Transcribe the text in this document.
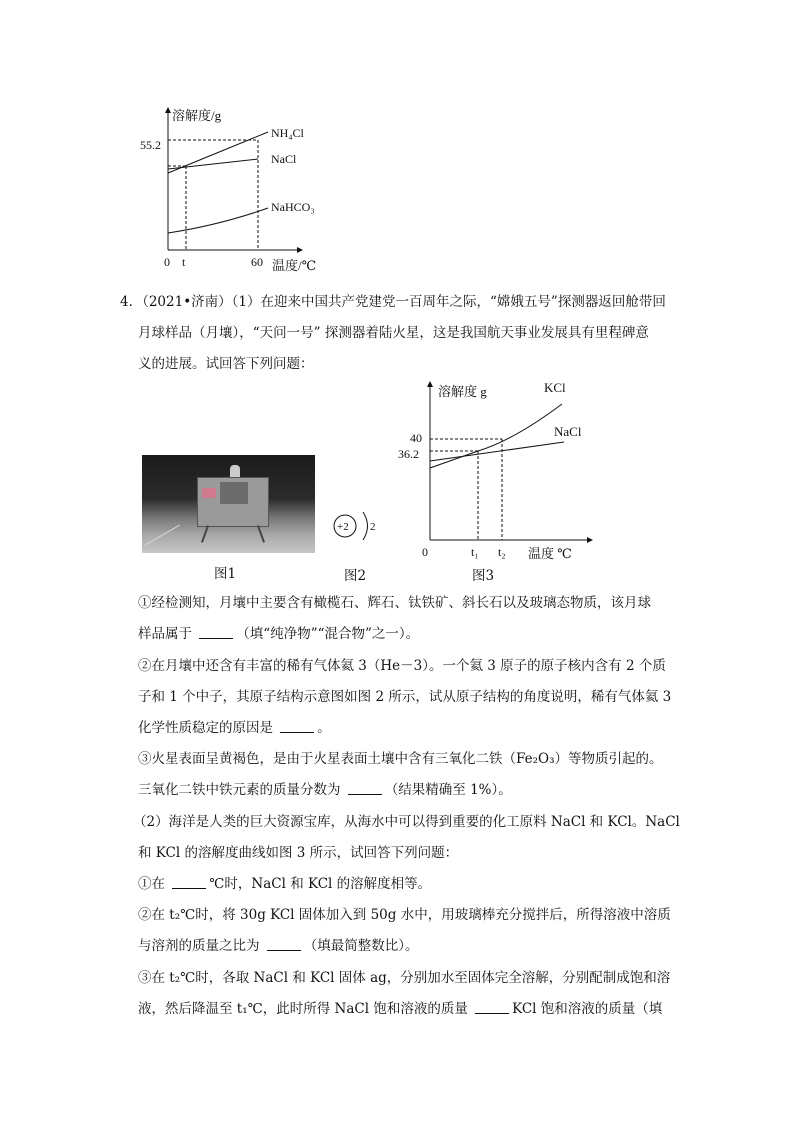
溶解度/g
温度/℃
0 t	60
55.2
NH₄Cl
NaCl
NaHCO₃
4．（2021•济南）（1）在迎来中国共产党建党一百周年之际，“嫦娥五号”探测器返回舱带回
月球样品（月壤），“天问一号” 探测器着陆火星，这是我国航天事业发展具有里程碑意
义的进展。试回答下列问题：
图1
+2 2
图2
溶解度 g
温度 ℃
0	t₁ t₂
40
36.2
KCl
NaCl
图3
①经检测知，月壤中主要含有橄榄石、辉石、钛铁矿、斜长石以及玻璃态物质，该月球
样品属于	（填“纯净物”“混合物”之一）。
②在月壤中还含有丰富的稀有气体氦 3（He－3）。一个氦 3 原子的原子核内含有 2 个质
子和 1 个中子，其原子结构示意图如图 2 所示，试从原子结构的角度说明，稀有气体氦 3
化学性质稳定的原因是	。
③火星表面呈黄褐色，是由于火星表面土壤中含有三氧化二铁（Fe₂O₃）等物质引起的。
三氧化二铁中铁元素的质量分数为	（结果精确至 1%）。
（2）海洋是人类的巨大资源宝库，从海水中可以得到重要的化工原料 NaCl 和 KCl。NaCl
和 KCl 的溶解度曲线如图 3 所示，试回答下列问题：
①在	℃时，NaCl 和 KCl 的溶解度相等。
②在 t₂℃时，将 30g KCl 固体加入到 50g 水中，用玻璃棒充分搅拌后，所得溶液中溶质
与溶剂的质量之比为	（填最简整数比）。
③在 t₂℃时，各取 NaCl 和 KCl 固体 ag，分别加水至固体完全溶解，分别配制成饱和溶
液，然后降温至 t₁℃，此时所得 NaCl 饱和溶液的质量	KCl 饱和溶液的质量（填
